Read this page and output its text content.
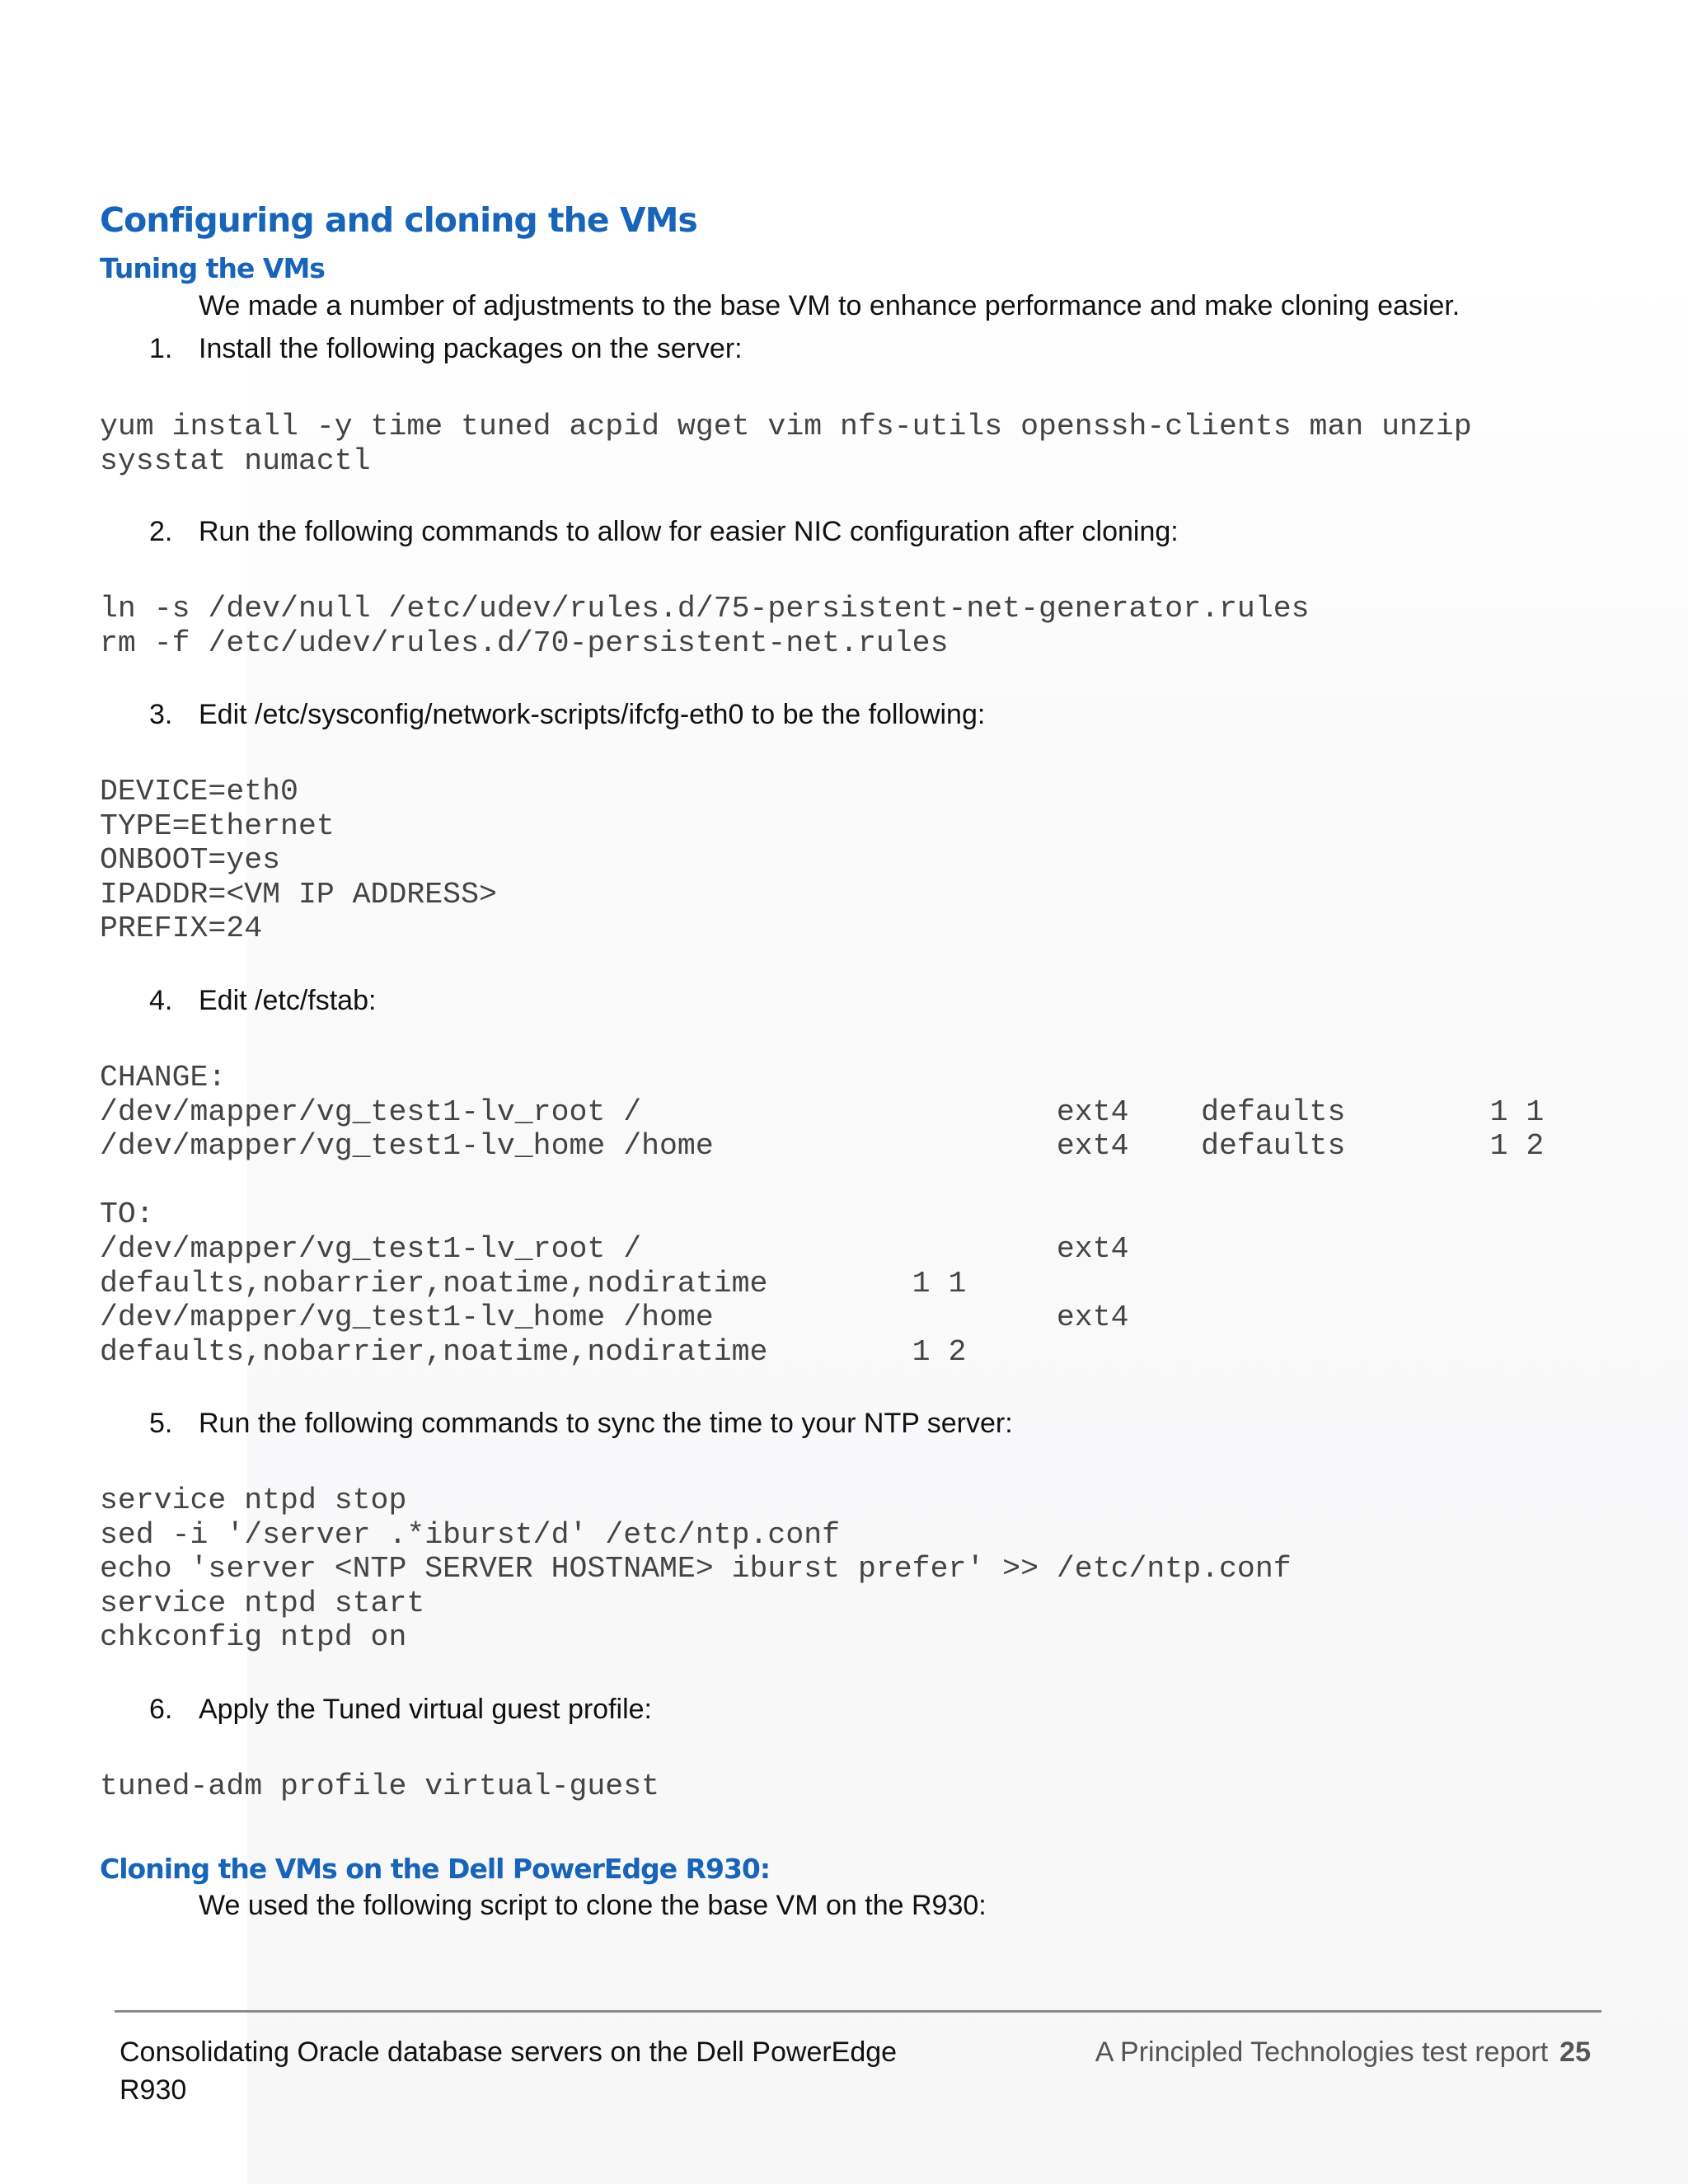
Configuring and cloning the VMs
Tuning the VMs
We made a number of adjustments to the base VM to enhance performance and make cloning easier.
1. Install the following packages on the server:
yum install -y time tuned acpid wget vim nfs-utils openssh-clients man unzip
sysstat numactl
2. Run the following commands to allow for easier NIC configuration after cloning:
ln -s /dev/null /etc/udev/rules.d/75-persistent-net-generator.rules
rm -f /etc/udev/rules.d/70-persistent-net.rules
3. Edit /etc/sysconfig/network-scripts/ifcfg-eth0 to be the following:
DEVICE=eth0
TYPE=Ethernet
ONBOOT=yes
IPADDR=<VM IP ADDRESS>
PREFIX=24
4. Edit /etc/fstab:
CHANGE:
/dev/mapper/vg_test1-lv_root /                       ext4    defaults        1 1
/dev/mapper/vg_test1-lv_home /home                   ext4    defaults        1 2

TO:
/dev/mapper/vg_test1-lv_root /                       ext4
defaults,nobarrier,noatime,nodiratime        1 1
/dev/mapper/vg_test1-lv_home /home                   ext4
defaults,nobarrier,noatime,nodiratime        1 2
5. Run the following commands to sync the time to your NTP server:
service ntpd stop
sed -i '/server .*iburst/d' /etc/ntp.conf
echo 'server <NTP SERVER HOSTNAME> iburst prefer' >> /etc/ntp.conf
service ntpd start
chkconfig ntpd on
6. Apply the Tuned virtual guest profile:
tuned-adm profile virtual-guest
Cloning the VMs on the Dell PowerEdge R930:
We used the following script to clone the base VM on the R930:
Consolidating Oracle database servers on the Dell PowerEdge R930
A Principled Technologies test report 25
